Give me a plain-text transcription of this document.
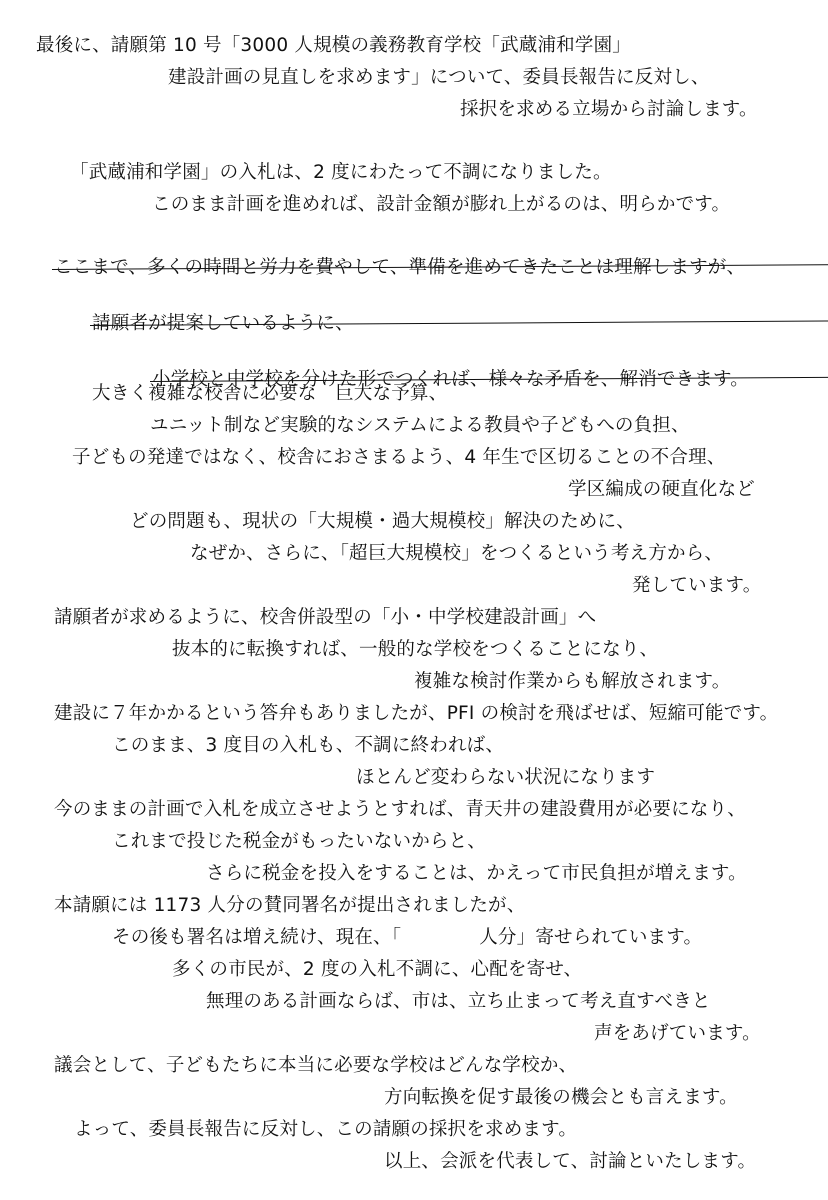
最後に、請願第 10 号「3000 人規模の義務教育学校「武蔵浦和学園」
建設計画の見直しを求めます」について、委員長報告に反対し、
採択を求める立場から討論します。
「武蔵浦和学園」の入札は、2 度にわたって不調になりました。
このまま計画を進めれば、設計金額が膨れ上がるのは、明らかです。
ここまで、多くの時間と労力を費やして、準備を進めてきたことは理解しますが、
請願者が提案しているように、
小学校と中学校を分けた形でつくれば、様々な矛盾を、解消できます。
大きく複雑な校舎に必要な　巨大な予算、
ユニット制など実験的なシステムによる教員や子どもへの負担、
子どもの発達ではなく、校舎におさまるよう、4 年生で区切ることの不合理、
学区編成の硬直化など
どの問題も、現状の「大規模・過大規模校」解決のために、
なぜか、さらに、「超巨大規模校」をつくるという考え方から、
発しています。
請願者が求めるように、校舎併設型の「小・中学校建設計画」へ
抜本的に転換すれば、一般的な学校をつくることになり、
複雑な検討作業からも解放されます。
建設に７年かかるという答弁もありましたが、PFI の検討を飛ばせば、短縮可能です。
このまま、3 度目の入札も、不調に終われば、
ほとんど変わらない状況になります
今のままの計画で入札を成立させようとすれば、青天井の建設費用が必要になり、
これまで投じた税金がもったいないからと、
さらに税金を投入をすることは、かえって市民負担が増えます。
本請願には 1173 人分の賛同署名が提出されましたが、
その後も署名は増え続け、現在、「	人分」寄せられています。
多くの市民が、2 度の入札不調に、心配を寄せ、
無理のある計画ならば、市は、立ち止まって考え直すべきと
声をあげています。
議会として、子どもたちに本当に必要な学校はどんな学校か、
方向転換を促す最後の機会とも言えます。
よって、委員長報告に反対し、この請願の採択を求めます。
以上、会派を代表して、討論といたします。
